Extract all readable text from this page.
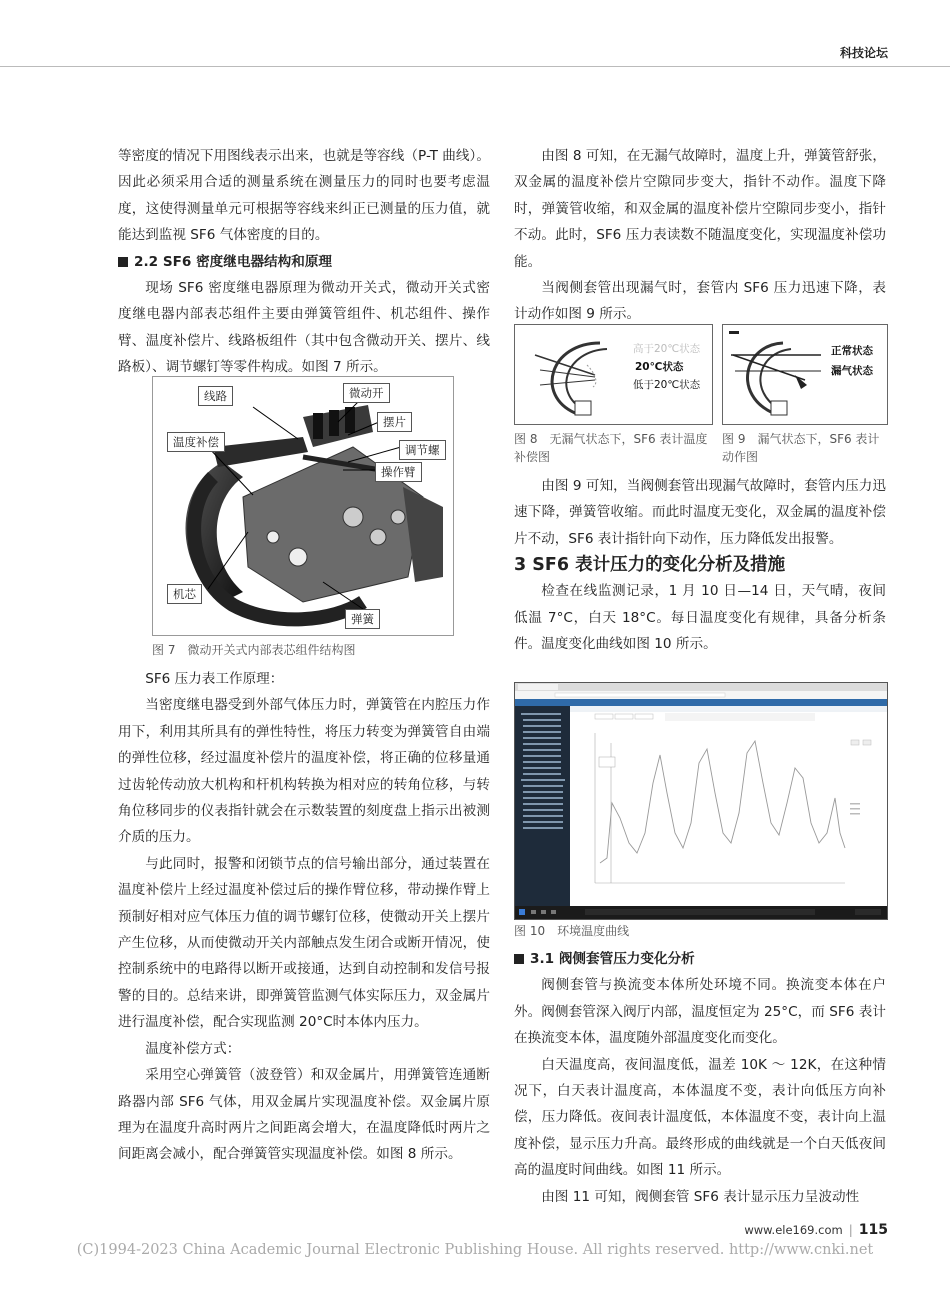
科技论坛

等密度的情况下用图线表示出来，也就是等容线（P-T 曲线）。因此必须采用合适的测量系统在测量压力的同时也要考虑温度，这使得测量单元可根据等容线来纠正已测量的压力值，就能达到监视 SF6 气体密度的目的。

2.2 SF6 密度继电器结构和原理

现场 SF6 密度继电器原理为微动开关式，微动开关式密度继电器内部表芯组件主要由弹簧管组件、机芯组件、操作臂、温度补偿片、线路板组件（其中包含微动开关、摆片、线路板）、调节螺钉等零件构成。如图 7 所示。

线路	微动开
摆片
温度补偿
调节螺
操作臂
机芯
弹簧
图 7　微动开关式内部表芯组件结构图

SF6 压力表工作原理：

当密度继电器受到外部气体压力时，弹簧管在内腔压力作用下，利用其所具有的弹性特性，将压力转变为弹簧管自由端的弹性位移，经过温度补偿片的温度补偿，将正确的位移量通过齿轮传动放大机构和杆机构转换为相对应的转角位移，与转角位移同步的仪表指针就会在示数装置的刻度盘上指示出被测介质的压力。

与此同时，报警和闭锁节点的信号输出部分，通过装置在温度补偿片上经过温度补偿过后的操作臂位移，带动操作臂上预制好相对应气体压力值的调节螺钉位移，使微动开关上摆片产生位移，从而使微动开关内部触点发生闭合或断开情况，使控制系统中的电路得以断开或接通，达到自动控制和发信号报警的目的。总结来讲，即弹簧管监测气体实际压力，双金属片进行温度补偿，配合实现监测 20°C时本体内压力。

温度补偿方式：

采用空心弹簧管（波登管）和双金属片，用弹簧管连通断路器内部 SF6 气体，用双金属片实现温度补偿。双金属片原理为在温度升高时两片之间距离会增大，在温度降低时两片之间距离会减小，配合弹簧管实现温度补偿。如图 8 所示。

由图 8 可知，在无漏气故障时，温度上升，弹簧管舒张，双金属的温度补偿片空隙同步变大，指针不动作。温度下降时，弹簧管收缩，和双金属的温度补偿片空隙同步变小，指针不动。此时，SF6 压力表读数不随温度变化，实现温度补偿功能。

当阀侧套管出现漏气时，套管内 SF6 压力迅速下降，表计动作如图 9 所示。

高于20℃状态
20℃状态
低于20℃状态
图 8　无漏气状态下，SF6 表计温度补偿图
正常状态
漏气状态
图 9　漏气状态下，SF6 表计动作图

由图 9 可知，当阀侧套管出现漏气故障时，套管内压力迅速下降，弹簧管收缩。而此时温度无变化，双金属的温度补偿片不动，SF6 表计指针向下动作，压力降低发出报警。

3 SF6 表计压力的变化分析及措施

检查在线监测记录，1 月 10 日—14 日，天气晴，夜间低温 7°C，白天 18°C。每日温度变化有规律，具备分析条件。温度变化曲线如图 10 所示。

图 10　环境温度曲线

3.1 阀侧套管压力变化分析

阀侧套管与换流变本体所处环境不同。换流变本体在户外。阀侧套管深入阀厅内部，温度恒定为 25°C，而 SF6 表计在换流变本体，温度随外部温度变化而变化。

白天温度高，夜间温度低，温差 10K ～ 12K，在这种情况下，白天表计温度高，本体温度不变，表计向低压方向补偿，压力降低。夜间表计温度低，本体温度不变，表计向上温度补偿，显示压力升高。最终形成的曲线就是一个白天低夜间高的温度时间曲线。如图 11 所示。

由图 11 可知，阀侧套管 SF6 表计显示压力呈波动性

www.ele169.com | 115
(C)1994-2023 China Academic Journal Electronic Publishing House. All rights reserved. http://www.cnki.net
